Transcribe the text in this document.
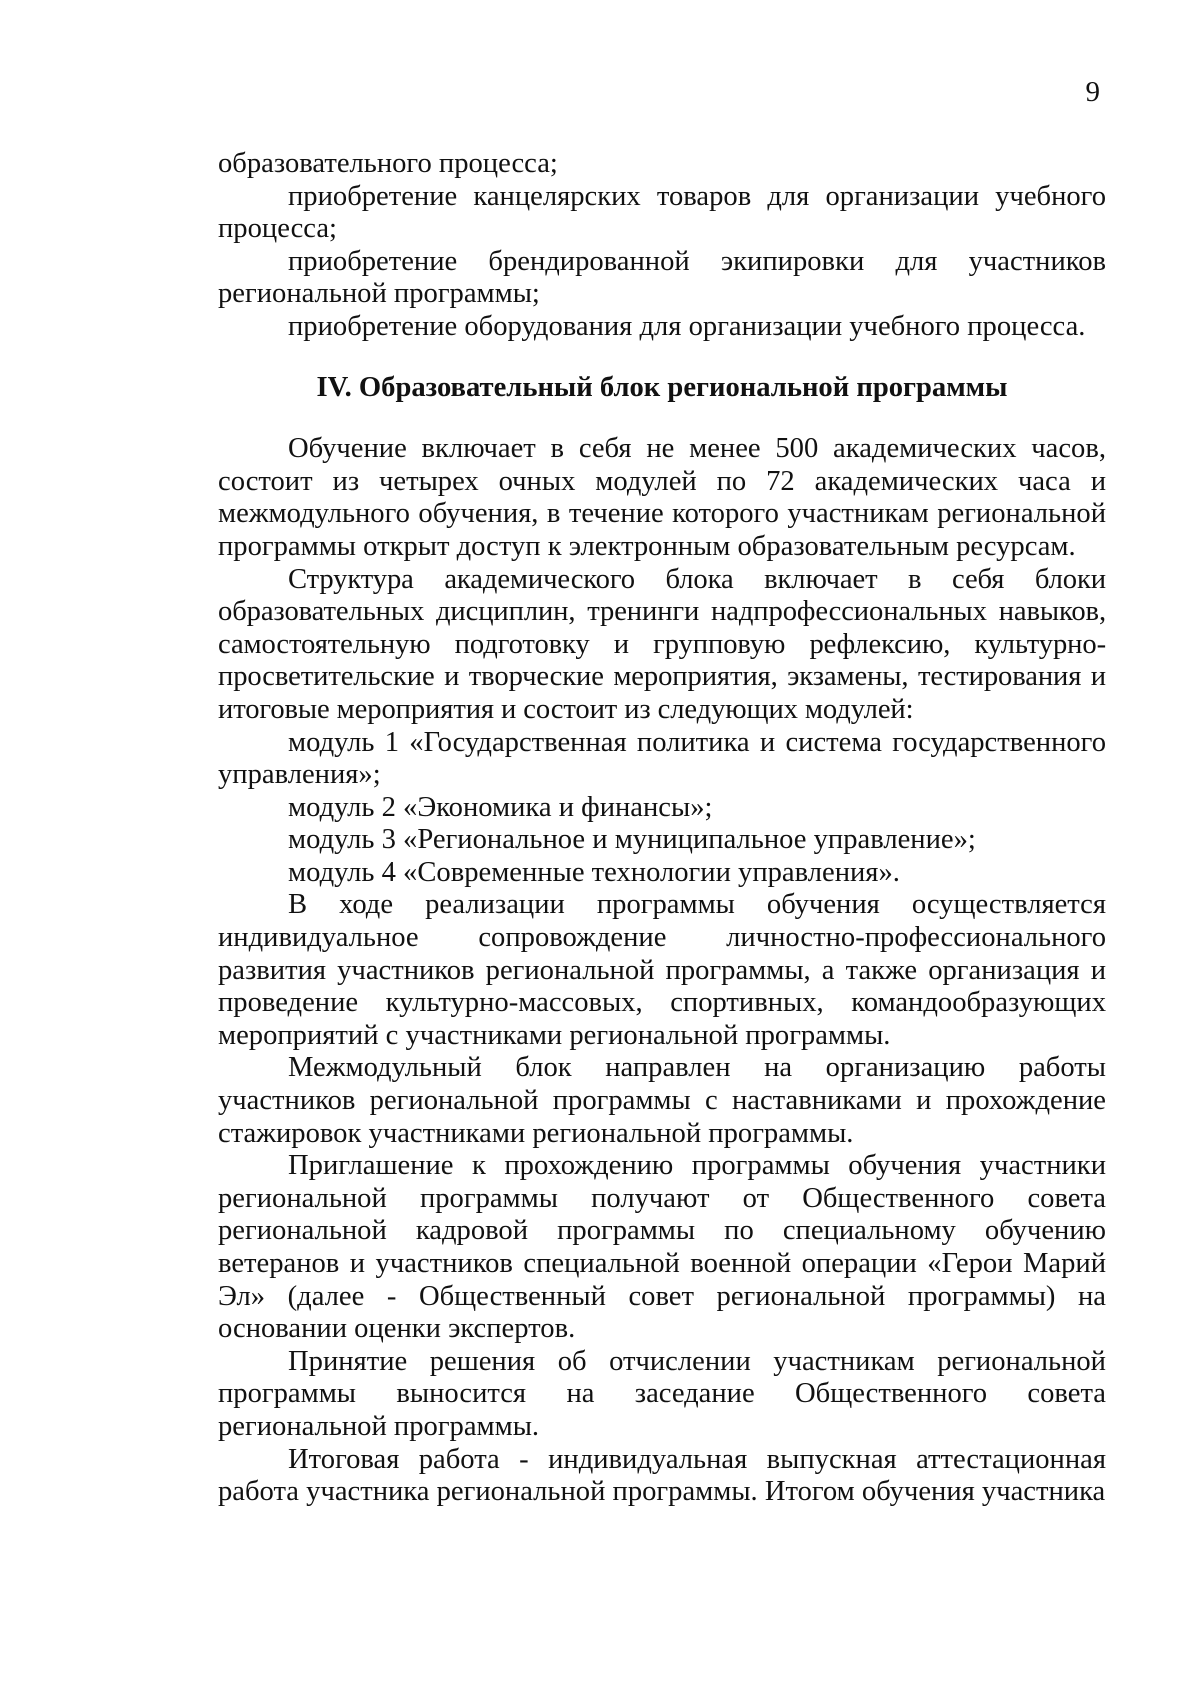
9

образовательного процесса;

приобретение канцелярских товаров для организации учебного процесса;

приобретение брендированной экипировки для участников региональной программы;

приобретение оборудования для организации учебного процесса.

IV. Образовательный блок региональной программы

Обучение включает в себя не менее 500 академических часов, состоит из четырех очных модулей по 72 академических часа и межмодульного обучения, в течение которого участникам региональной программы открыт доступ к электронным образовательным ресурсам.

Структура академического блока включает в себя блоки образовательных дисциплин, тренинги надпрофессиональных навыков, самостоятельную подготовку и групповую рефлексию, культурно-просветительские и творческие мероприятия, экзамены, тестирования и итоговые мероприятия и состоит из следующих модулей:

модуль 1 «Государственная политика и система государственного управления»;

модуль 2 «Экономика и финансы»;

модуль 3 «Региональное и муниципальное управление»;

модуль 4 «Современные технологии управления».

В ходе реализации программы обучения осуществляется индивидуальное сопровождение личностно-профессионального развития участников региональной программы, а также организация и проведение культурно-массовых, спортивных, командообразующих мероприятий с участниками региональной программы.

Межмодульный блок направлен на организацию работы участников региональной программы с наставниками и прохождение стажировок участниками региональной программы.

Приглашение к прохождению программы обучения участники региональной программы получают от Общественного совета региональной кадровой программы по специальному обучению ветеранов и участников специальной военной операции «Герои Марий Эл» (далее - Общественный совет региональной программы) на основании оценки экспертов.

Принятие решения об отчислении участникам региональной программы выносится на заседание Общественного совета региональной программы.

Итоговая работа - индивидуальная выпускная аттестационная работа участника региональной программы. Итогом обучения участника
